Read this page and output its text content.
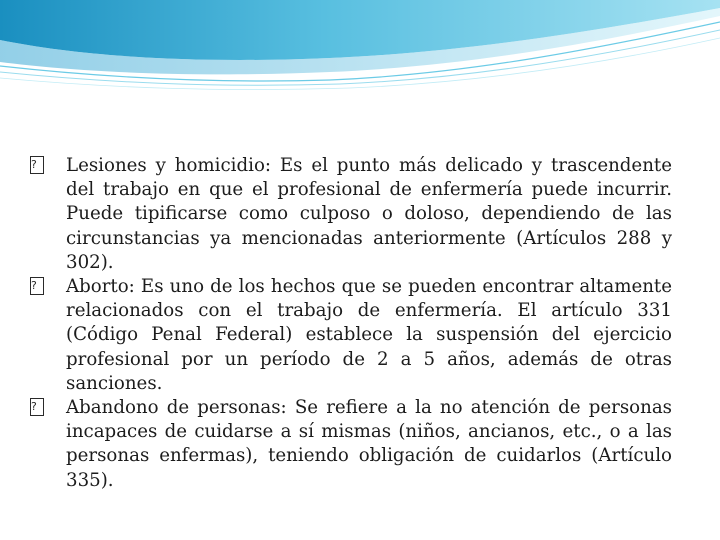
?	Lesiones y homicidio: Es el punto más delicado y trascendente del trabajo en que el profesional de enfermería puede incurrir. Puede tipificarse como culposo o doloso, dependiendo de las circunstancias ya mencionadas anteriormente (Artículos 288 y 302).

?	Aborto: Es uno de los hechos que se pueden encontrar altamente relacionados con el trabajo de enfermería. El artículo 331 (Código Penal Federal) establece la suspensión del ejercicio profesional por un período de 2 a 5 años, además de otras sanciones.

?	Abandono de personas: Se refiere a la no atención de personas incapaces de cuidarse a sí mismas (niños, ancianos, etc., o a las personas enfermas), teniendo obligación de cuidarlos (Artículo 335).
